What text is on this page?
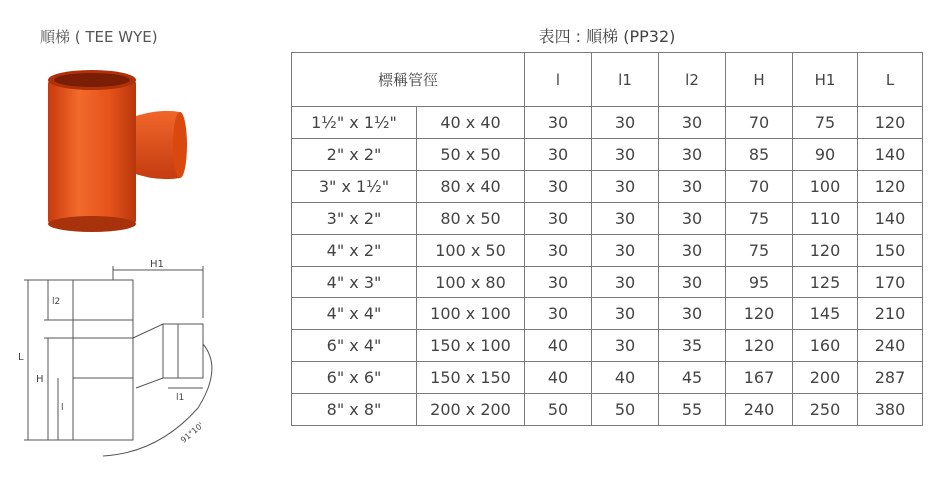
順梯 ( TEE WYE)
H1
l2
L
H
l
l1
91°10'
表四 : 順梯 (PP32)
標稱管徑		l	l1	l2	H	H1	L
1½" x 1½"	40 x 40	30	30	30	70	75	120
2" x 2"	50 x 50	30	30	30	85	90	140
3" x 1½"	80 x 40	30	30	30	70	100	120
3" x 2"	80 x 50	30	30	30	75	110	140
4" x 2"	100 x 50	30	30	30	75	120	150
4" x 3"	100 x 80	30	30	30	95	125	170
4" x 4"	100 x 100	30	30	30	120	145	210
6" x 4"	150 x 100	40	30	35	120	160	240
6" x 6"	150 x 150	40	40	45	167	200	287
8" x 8"	200 x 200	50	50	55	240	250	380
